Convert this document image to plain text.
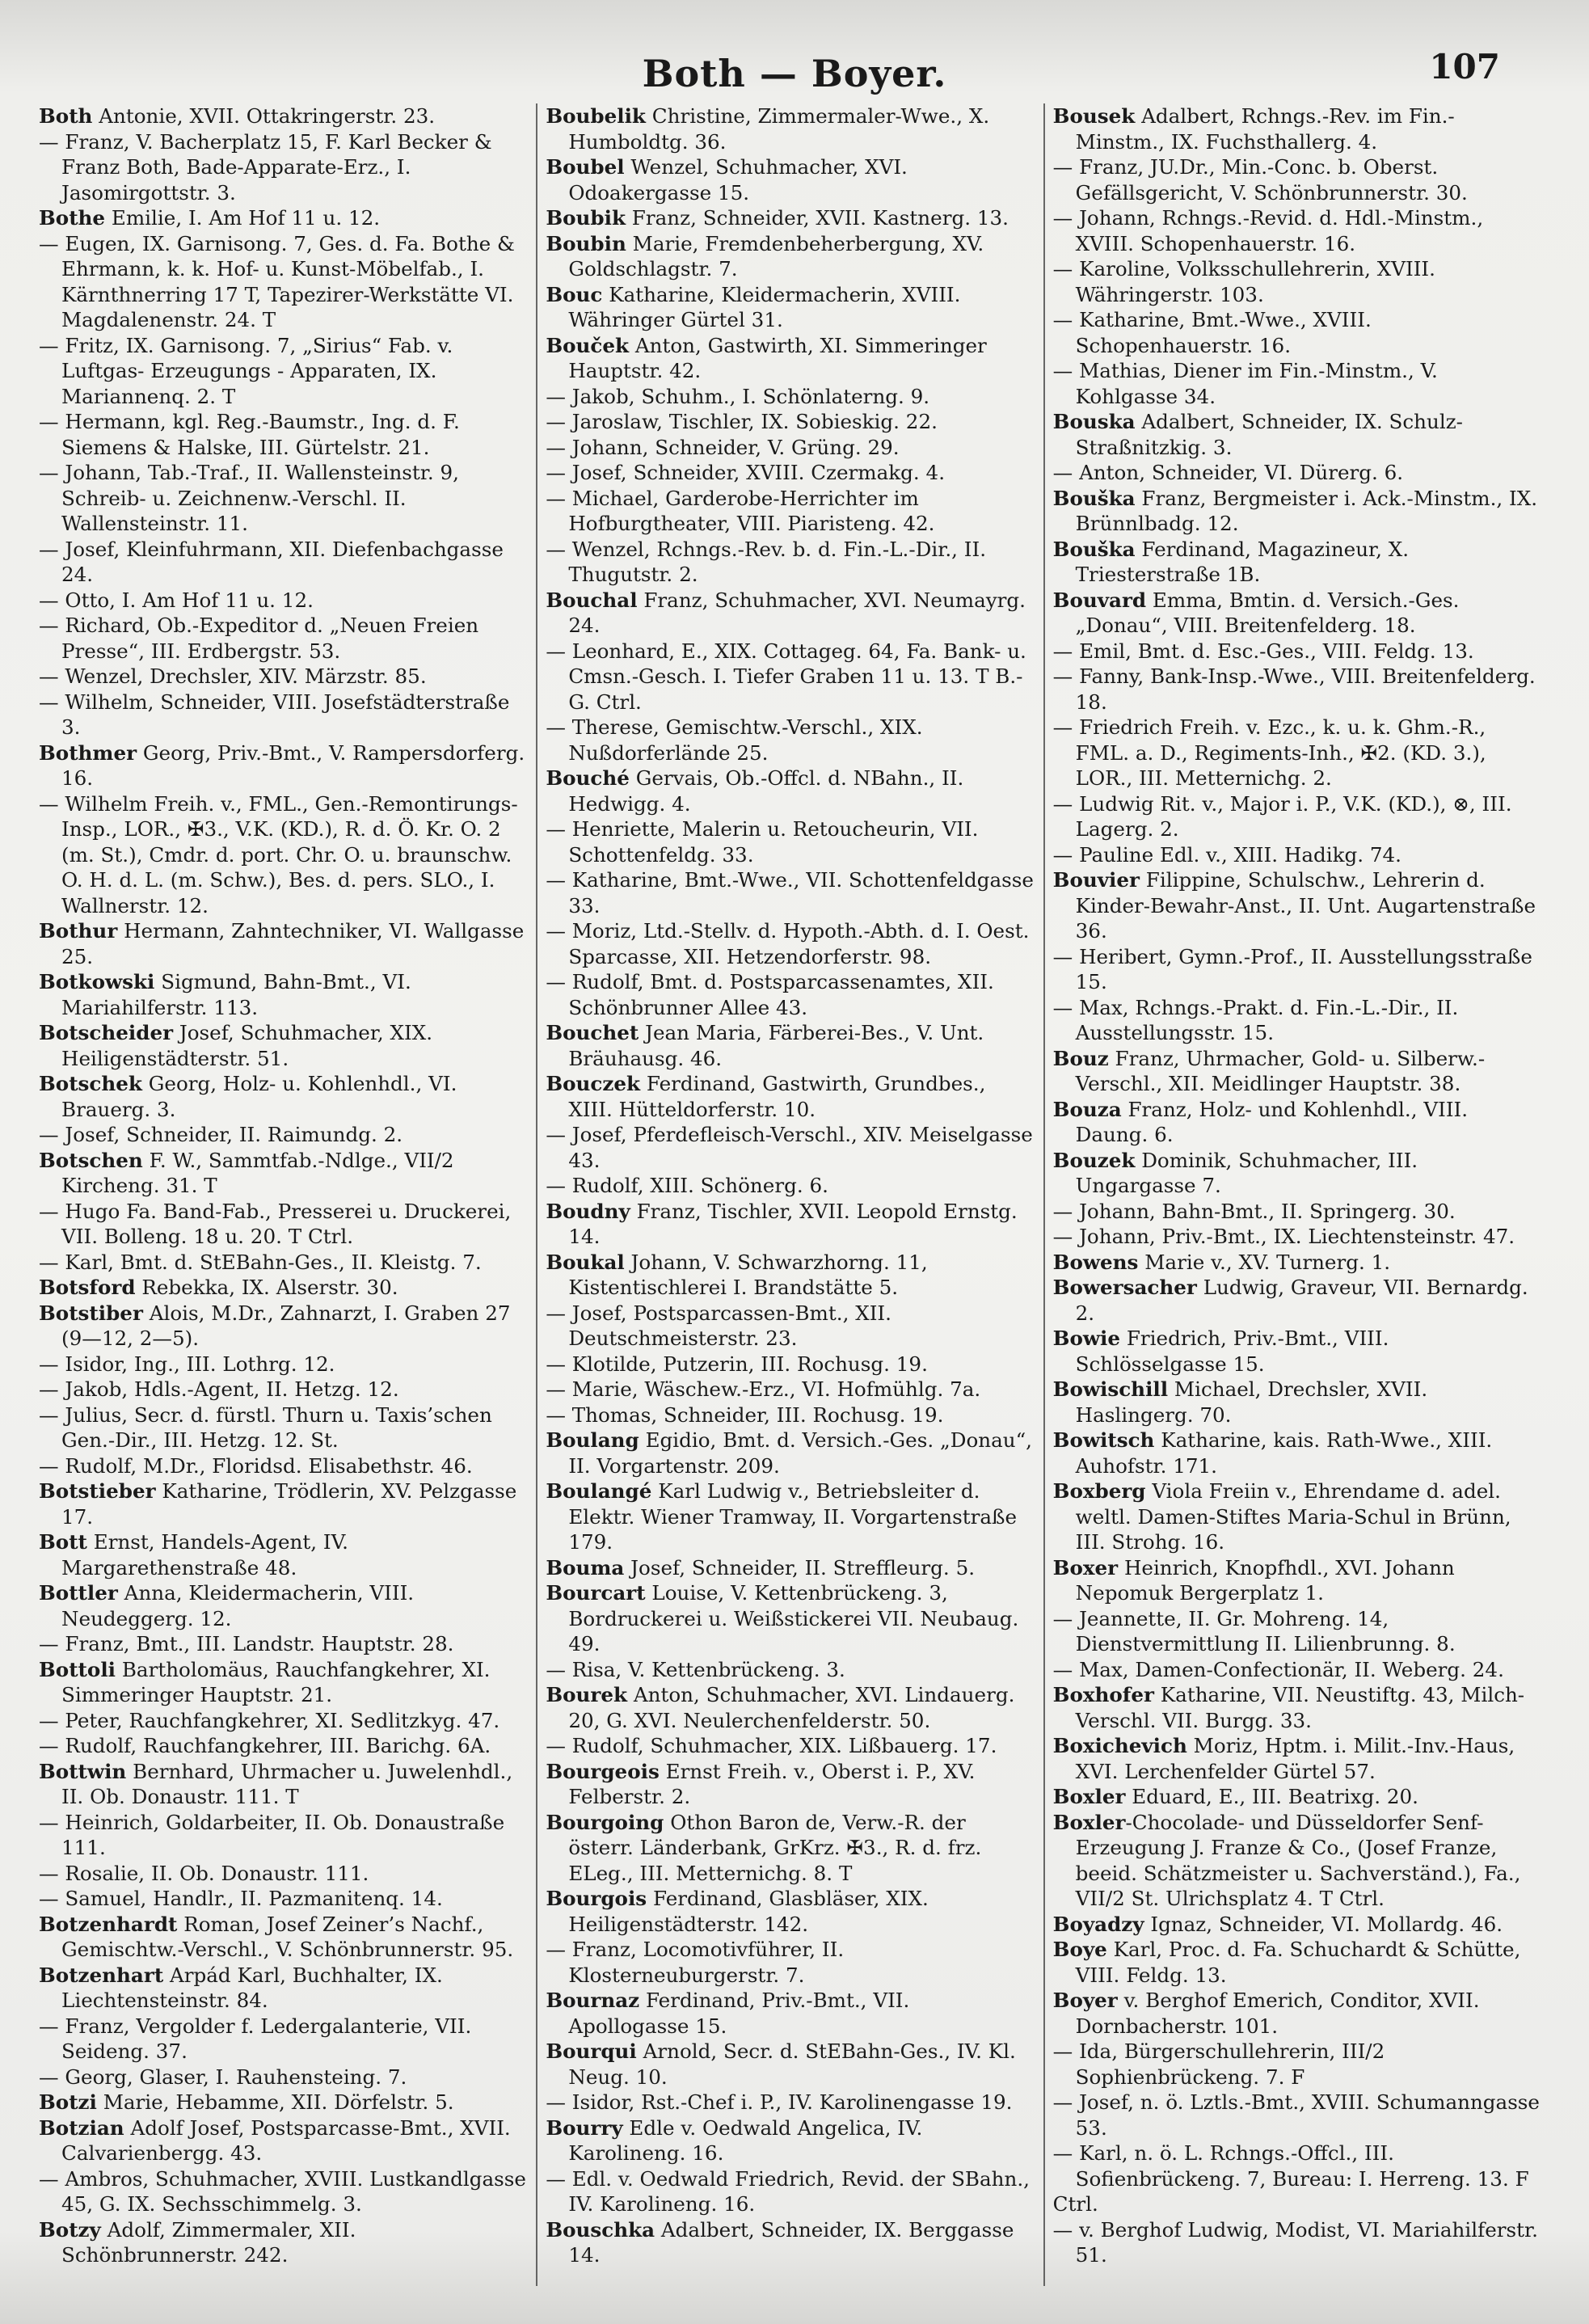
Both — Boyer.	107

Both Antonie, XVII. Ottakringerstr. 23.

— Franz, V. Bacherplatz 15, F. Karl Becker & Franz Both, Bade-Apparate-Erz., I. Jasomirgottstr. 3.

Bothe Emilie, I. Am Hof 11 u. 12.

— Eugen, IX. Garnisong. 7, Ges. d. Fa. Bothe & Ehrmann, k. k. Hof- u. Kunst-Möbelfab., I. Kärnthnerring 17 T, Tapezirer-Werkstätte VI. Magdalenenstr. 24. T

— Fritz, IX. Garnisong. 7, „Sirius“ Fab. v. Luftgas- Erzeugungs - Apparaten, IX. Mariannenq. 2. T

— Hermann, kgl. Reg.-Baumstr., Ing. d. F. Siemens & Halske, III. Gürtelstr. 21.

— Johann, Tab.-Traf., II. Wallensteinstr. 9, Schreib- u. Zeichnenw.-Verschl. II. Wallensteinstr. 11.

— Josef, Kleinfuhrmann, XII. Diefenbachgasse 24.

— Otto, I. Am Hof 11 u. 12.

— Richard, Ob.-Expeditor d. „Neuen Freien Presse“, III. Erdbergstr. 53.

— Wenzel, Drechsler, XIV. Märzstr. 85.

— Wilhelm, Schneider, VIII. Josefstädterstraße 3.

Bothmer Georg, Priv.-Bmt., V. Rampersdorferg. 16.

— Wilhelm Freih. v., FML., Gen.-Remontirungs-Insp., LOR., ✠3., V.K. (KD.), R. d. Ö. Kr. O. 2 (m. St.), Cmdr. d. port. Chr. O. u. braunschw. O. H. d. L. (m. Schw.), Bes. d. pers. SLO., I. Wallnerstr. 12.

Bothur Hermann, Zahntechniker, VI. Wallgasse 25.

Botkowski Sigmund, Bahn-Bmt., VI. Mariahilferstr. 113.

Botscheider Josef, Schuhmacher, XIX. Heiligenstädterstr. 51.

Botschek Georg, Holz- u. Kohlenhdl., VI. Brauerg. 3.

— Josef, Schneider, II. Raimundg. 2.

Botschen F. W., Sammtfab.-Ndlge., VII/2 Kircheng. 31. T

— Hugo Fa. Band-Fab., Presserei u. Druckerei, VII. Bolleng. 18 u. 20. T Ctrl.

— Karl, Bmt. d. StEBahn-Ges., II. Kleistg. 7.

Botsford Rebekka, IX. Alserstr. 30.

Botstiber Alois, M.Dr., Zahnarzt, I. Graben 27 (9—12, 2—5).

— Isidor, Ing., III. Lothrg. 12.

— Jakob, Hdls.-Agent, II. Hetzg. 12.

— Julius, Secr. d. fürstl. Thurn u. Taxis’schen Gen.-Dir., III. Hetzg. 12. St.

— Rudolf, M.Dr., Floridsd. Elisabethstr. 46.

Botstieber Katharine, Trödlerin, XV. Pelzgasse 17.

Bott Ernst, Handels-Agent, IV. Margarethenstraße 48.

Bottler Anna, Kleidermacherin, VIII. Neudeggerg. 12.

— Franz, Bmt., III. Landstr. Hauptstr. 28.

Bottoli Bartholomäus, Rauchfangkehrer, XI. Simmeringer Hauptstr. 21.

— Peter, Rauchfangkehrer, XI. Sedlitzkyg. 47.

— Rudolf, Rauchfangkehrer, III. Barichg. 6A.

Bottwin Bernhard, Uhrmacher u. Juwelenhdl., II. Ob. Donaustr. 111. T

— Heinrich, Goldarbeiter, II. Ob. Donaustraße 111.

— Rosalie, II. Ob. Donaustr. 111.

— Samuel, Handlr., II. Pazmanitenq. 14.

Botzenhardt Roman, Josef Zeiner’s Nachf., Gemischtw.-Verschl., V. Schönbrunnerstr. 95.

Botzenhart Arpád Karl, Buchhalter, IX. Liechtensteinstr. 84.

— Franz, Vergolder f. Ledergalanterie, VII. Seideng. 37.

— Georg, Glaser, I. Rauhensteing. 7.

Botzi Marie, Hebamme, XII. Dörfelstr. 5.

Botzian Adolf Josef, Postsparcasse-Bmt., XVII. Calvarienbergg. 43.

— Ambros, Schuhmacher, XVIII. Lustkandlgasse 45, G. IX. Sechsschimmelg. 3.

Botzy Adolf, Zimmermaler, XII. Schönbrunnerstr. 242.

Boubelik Christine, Zimmermaler-Wwe., X. Humboldtg. 36.

Boubel Wenzel, Schuhmacher, XVI. Odoakergasse 15.

Boubik Franz, Schneider, XVII. Kastnerg. 13.

Boubin Marie, Fremdenbeherbergung, XV. Goldschlagstr. 7.

Bouc Katharine, Kleidermacherin, XVIII. Währinger Gürtel 31.

Bouček Anton, Gastwirth, XI. Simmeringer Hauptstr. 42.

— Jakob, Schuhm., I. Schönlaterng. 9.

— Jaroslaw, Tischler, IX. Sobieskig. 22.

— Johann, Schneider, V. Grüng. 29.

— Josef, Schneider, XVIII. Czermakg. 4.

— Michael, Garderobe-Herrichter im Hofburgtheater, VIII. Piaristeng. 42.

— Wenzel, Rchngs.-Rev. b. d. Fin.-L.-Dir., II. Thugutstr. 2.

Bouchal Franz, Schuhmacher, XVI. Neumayrg. 24.

— Leonhard, E., XIX. Cottageg. 64, Fa. Bank- u. Cmsn.-Gesch. I. Tiefer Graben 11 u. 13. T B.-G. Ctrl.

— Therese, Gemischtw.-Verschl., XIX. Nußdorferlände 25.

Bouché Gervais, Ob.-Offcl. d. NBahn., II. Hedwigg. 4.

— Henriette, Malerin u. Retoucheurin, VII. Schottenfeldg. 33.

— Katharine, Bmt.-Wwe., VII. Schottenfeldgasse 33.

— Moriz, Ltd.-Stellv. d. Hypoth.-Abth. d. I. Oest. Sparcasse, XII. Hetzendorferstr. 98.

— Rudolf, Bmt. d. Postsparcassenamtes, XII. Schönbrunner Allee 43.

Bouchet Jean Maria, Färberei-Bes., V. Unt. Bräuhausg. 46.

Bouczek Ferdinand, Gastwirth, Grundbes., XIII. Hütteldorferstr. 10.

— Josef, Pferdefleisch-Verschl., XIV. Meiselgasse 43.

— Rudolf, XIII. Schönerg. 6.

Boudny Franz, Tischler, XVII. Leopold Ernstg. 14.

Boukal Johann, V. Schwarzhorng. 11, Kistentischlerei I. Brandstätte 5.

— Josef, Postsparcassen-Bmt., XII. Deutschmeisterstr. 23.

— Klotilde, Putzerin, III. Rochusg. 19.

— Marie, Wäschew.-Erz., VI. Hofmühlg. 7a.

— Thomas, Schneider, III. Rochusg. 19.

Boulang Egidio, Bmt. d. Versich.-Ges. „Donau“, II. Vorgartenstr. 209.

Boulangé Karl Ludwig v., Betriebsleiter d. Elektr. Wiener Tramway, II. Vorgartenstraße 179.

Bouma Josef, Schneider, II. Streffleurg. 5.

Bourcart Louise, V. Kettenbrückeng. 3, Bordruckerei u. Weißstickerei VII. Neubaug. 49.

— Risa, V. Kettenbrückeng. 3.

Bourek Anton, Schuhmacher, XVI. Lindauerg. 20, G. XVI. Neulerchenfelderstr. 50.

— Rudolf, Schuhmacher, XIX. Lißbauerg. 17.

Bourgeois Ernst Freih. v., Oberst i. P., XV. Felberstr. 2.

Bourgoing Othon Baron de, Verw.-R. der österr. Länderbank, GrKrz. ✠3., R. d. frz. ELeg., III. Metternichg. 8. T

Bourgois Ferdinand, Glasbläser, XIX. Heiligenstädterstr. 142.

— Franz, Locomotivführer, II. Klosterneuburgerstr. 7.

Bournaz Ferdinand, Priv.-Bmt., VII. Apollogasse 15.

Bourqui Arnold, Secr. d. StEBahn-Ges., IV. Kl. Neug. 10.

— Isidor, Rst.-Chef i. P., IV. Karolinengasse 19.

Bourry Edle v. Oedwald Angelica, IV. Karolineng. 16.

— Edl. v. Oedwald Friedrich, Revid. der SBahn., IV. Karolineng. 16.

Bouschka Adalbert, Schneider, IX. Berggasse 14.

Bousek Adalbert, Rchngs.-Rev. im Fin.-Minstm., IX. Fuchsthallerg. 4.

— Franz, JU.Dr., Min.-Conc. b. Oberst. Gefällsgericht, V. Schönbrunnerstr. 30.

— Johann, Rchngs.-Revid. d. Hdl.-Minstm., XVIII. Schopenhauerstr. 16.

— Karoline, Volksschullehrerin, XVIII. Währingerstr. 103.

— Katharine, Bmt.-Wwe., XVIII. Schopenhauerstr. 16.

— Mathias, Diener im Fin.-Minstm., V. Kohlgasse 34.

Bouska Adalbert, Schneider, IX. Schulz-Straßnitzkig. 3.

— Anton, Schneider, VI. Dürerg. 6.

Bouška Franz, Bergmeister i. Ack.-Minstm., IX. Brünnlbadg. 12.

Bouška Ferdinand, Magazineur, X. Triesterstraße 1B.

Bouvard Emma, Bmtin. d. Versich.-Ges. „Donau“, VIII. Breitenfelderg. 18.

— Emil, Bmt. d. Esc.-Ges., VIII. Feldg. 13.

— Fanny, Bank-Insp.-Wwe., VIII. Breitenfelderg. 18.

— Friedrich Freih. v. Ezc., k. u. k. Ghm.-R., FML. a. D., Regiments-Inh., ✠2. (KD. 3.), LOR., III. Metternichg. 2.

— Ludwig Rit. v., Major i. P., V.K. (KD.), ⊗, III. Lagerg. 2.

— Pauline Edl. v., XIII. Hadikg. 74.

Bouvier Filippine, Schulschw., Lehrerin d. Kinder-Bewahr-Anst., II. Unt. Augartenstraße 36.

— Heribert, Gymn.-Prof., II. Ausstellungsstraße 15.

— Max, Rchngs.-Prakt. d. Fin.-L.-Dir., II. Ausstellungsstr. 15.

Bouz Franz, Uhrmacher, Gold- u. Silberw.-Verschl., XII. Meidlinger Hauptstr. 38.

Bouza Franz, Holz- und Kohlenhdl., VIII. Daung. 6.

Bouzek Dominik, Schuhmacher, III. Ungargasse 7.

— Johann, Bahn-Bmt., II. Springerg. 30.

— Johann, Priv.-Bmt., IX. Liechtensteinstr. 47.

Bowens Marie v., XV. Turnerg. 1.

Bowersacher Ludwig, Graveur, VII. Bernardg. 2.

Bowie Friedrich, Priv.-Bmt., VIII. Schlösselgasse 15.

Bowischill Michael, Drechsler, XVII. Haslingerg. 70.

Bowitsch Katharine, kais. Rath-Wwe., XIII. Auhofstr. 171.

Boxberg Viola Freiin v., Ehrendame d. adel. weltl. Damen-Stiftes Maria-Schul in Brünn, III. Strohg. 16.

Boxer Heinrich, Knopfhdl., XVI. Johann Nepomuk Bergerplatz 1.

— Jeannette, II. Gr. Mohreng. 14, Dienstvermittlung II. Lilienbrunng. 8.

— Max, Damen-Confectionär, II. Weberg. 24.

Boxhofer Katharine, VII. Neustiftg. 43, Milch-Verschl. VII. Burgg. 33.

Boxichevich Moriz, Hptm. i. Milit.-Inv.-Haus, XVI. Lerchenfelder Gürtel 57.

Boxler Eduard, E., III. Beatrixg. 20.

Boxler-Chocolade- und Düsseldorfer Senf-Erzeugung J. Franze & Co., (Josef Franze, beeid. Schätzmeister u. Sachverständ.), Fa., VII/2 St. Ulrichsplatz 4. T Ctrl.

Boyadzy Ignaz, Schneider, VI. Mollardg. 46.

Boye Karl, Proc. d. Fa. Schuchardt & Schütte, VIII. Feldg. 13.

Boyer v. Berghof Emerich, Conditor, XVII. Dornbacherstr. 101.

— Ida, Bürgerschullehrerin, III/2 Sophienbrückeng. 7. F

— Josef, n. ö. Lztls.-Bmt., XVIII. Schumanngasse 53.

— Karl, n. ö. L. Rchngs.-Offcl., III. Sofienbrückeng. 7, Bureau: I. Herreng. 13. F

Ctrl.

— v. Berghof Ludwig, Modist, VI. Mariahilferstr. 51.
